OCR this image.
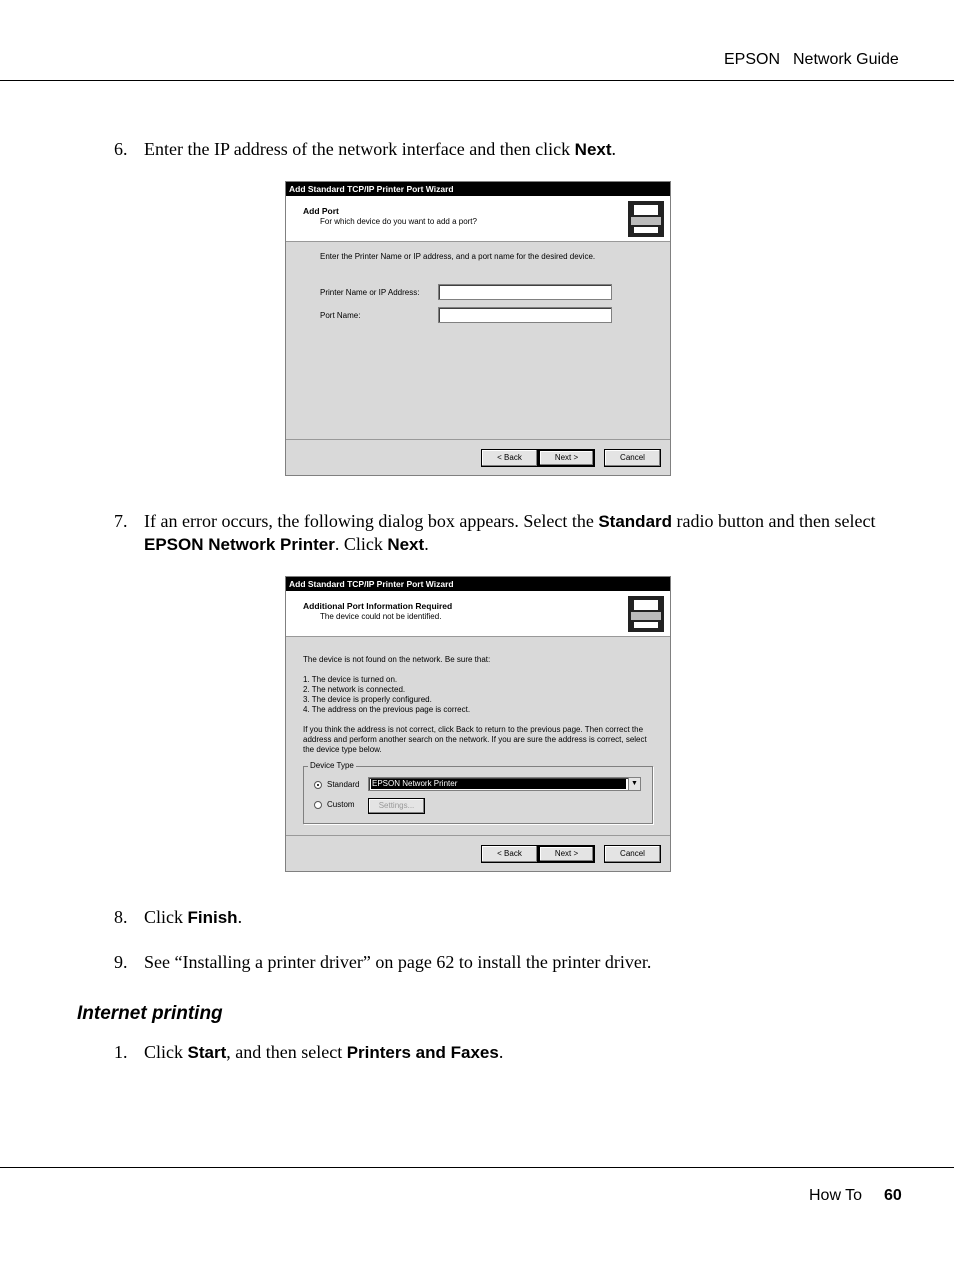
EPSON Network Guide
6. Enter the IP address of the network interface and then click Next.
Add Standard TCP/IP Printer Port Wizard
Add Port
For which device do you want to add a port?
Enter the Printer Name or IP address, and a port name for the desired device.
Printer Name or IP Address:
Port Name:
< Back	Next >	Cancel
7. If an error occurs, the following dialog box appears. Select the Standard radio button and then select EPSON Network Printer. Click Next.
Add Standard TCP/IP Printer Port Wizard
Additional Port Information Required
The device could not be identified.
The device is not found on the network. Be sure that:
1. The device is turned on.
2. The network is connected.
3. The device is properly configured.
4. The address on the previous page is correct.
If you think the address is not correct, click Back to return to the previous page. Then correct the address and perform another search on the network. If you are sure the address is correct, select the device type below.
Device Type
Standard EPSON Network Printer	▼
Custom	Settings...
< Back	Next >	Cancel
8. Click Finish.
9. See “Installing a printer driver” on page 62 to install the printer driver.
Internet printing
1. Click Start, and then select Printers and Faxes.
How To 60
